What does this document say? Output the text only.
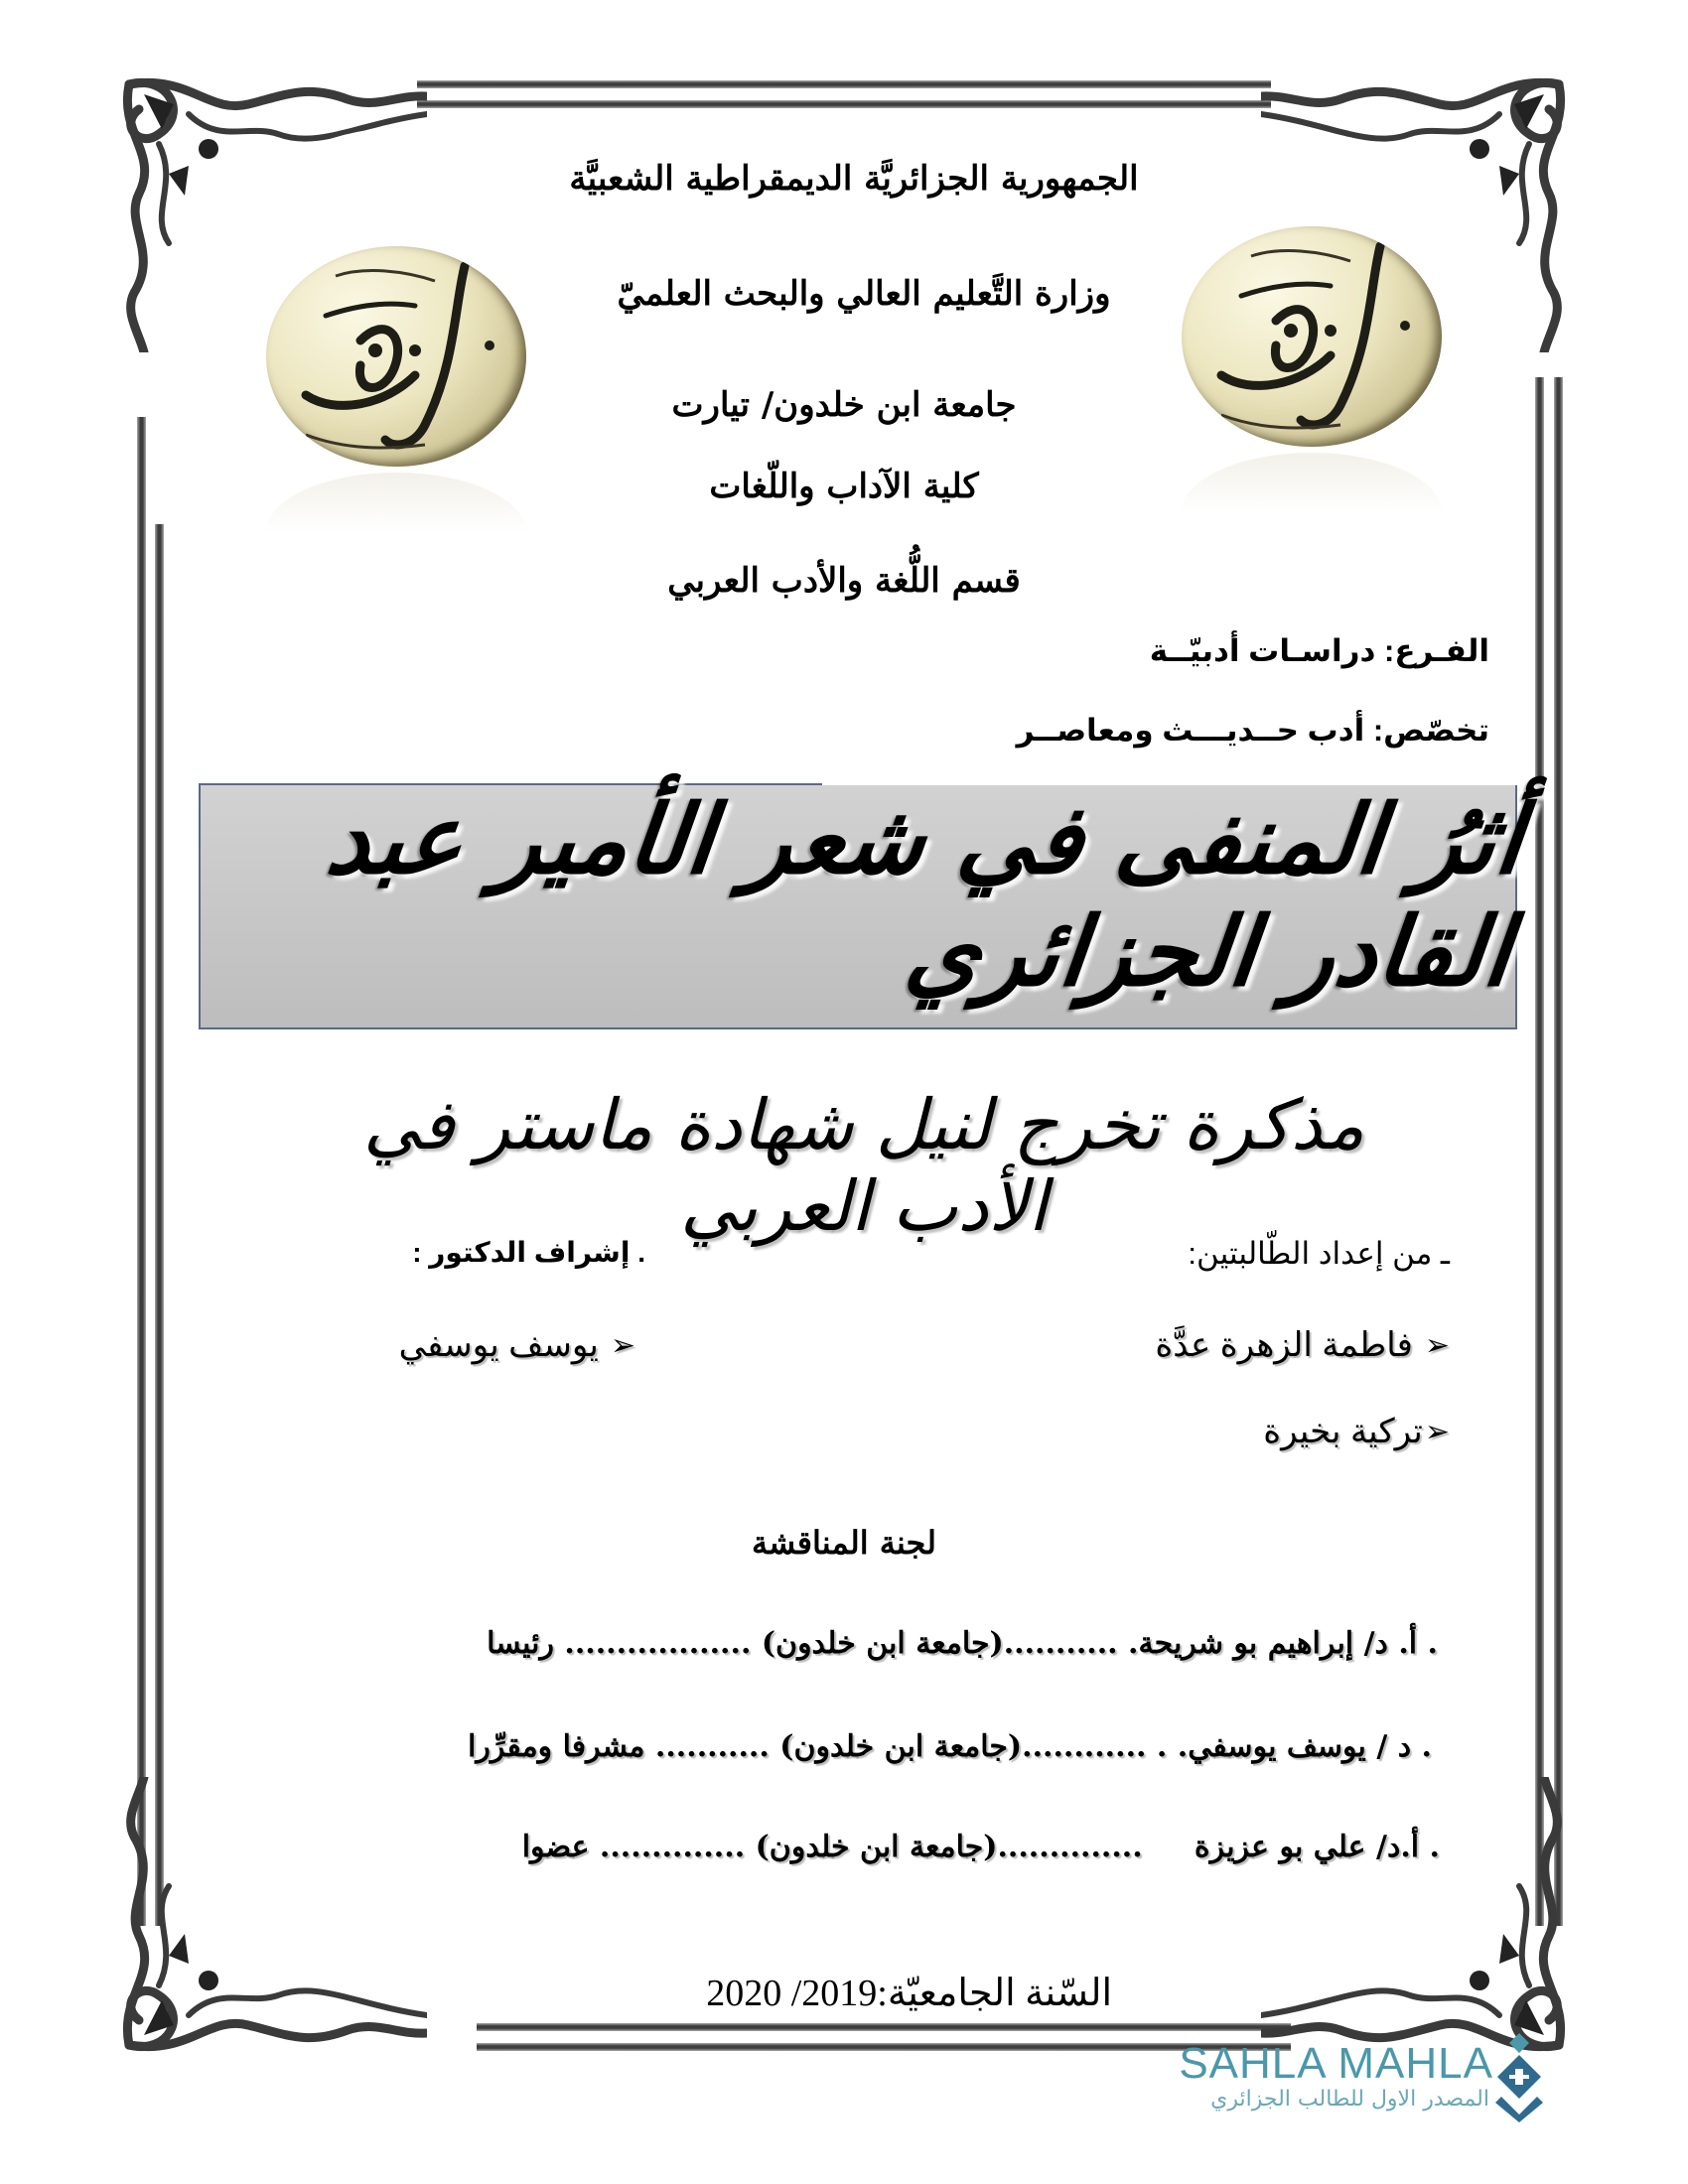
الجمهورية الجزائريَّة الديمقراطية الشعبيَّة
وزارة التَّعليم العالي والبحث العلميّ
جامعة ابن خلدون/ تيارت
كلية الآداب واللّغات
قسم اللُّغة والأدب العربي
الفـرع: دراسـات أدبيّــة
تخصّص: أدب حــديـــث ومعاصــر
أثرُ المنفى في شعر الأمير عبد القادر الجزائري
مذكرة تخرج لنيل شهادة ماستر في الأدب العربي
ـ من إعداد الطّالبتين:
. إشراف الدكتور :
➢
فاطمة الزهرة عدَّة
➢
يوسف يوسفي
➢
تركية بخيرة
لجنة المناقشة
. أ. د/ إبراهيم بو شريحة. ...........(جامعة ابن خلدون) .................. رئيسا
. د / يوسف يوسفي. . ............(جامعة ابن خلدون) ........... مشرفا ومقرِّرا
. أ.د/ علي بو عزيزة     ..............(جامعة ابن خلدون) .............. عضوا
السّنة الجامعيّة:2019/ 2020
SAHLA MAHLA
المصدر الاول للطالب الجزائري
